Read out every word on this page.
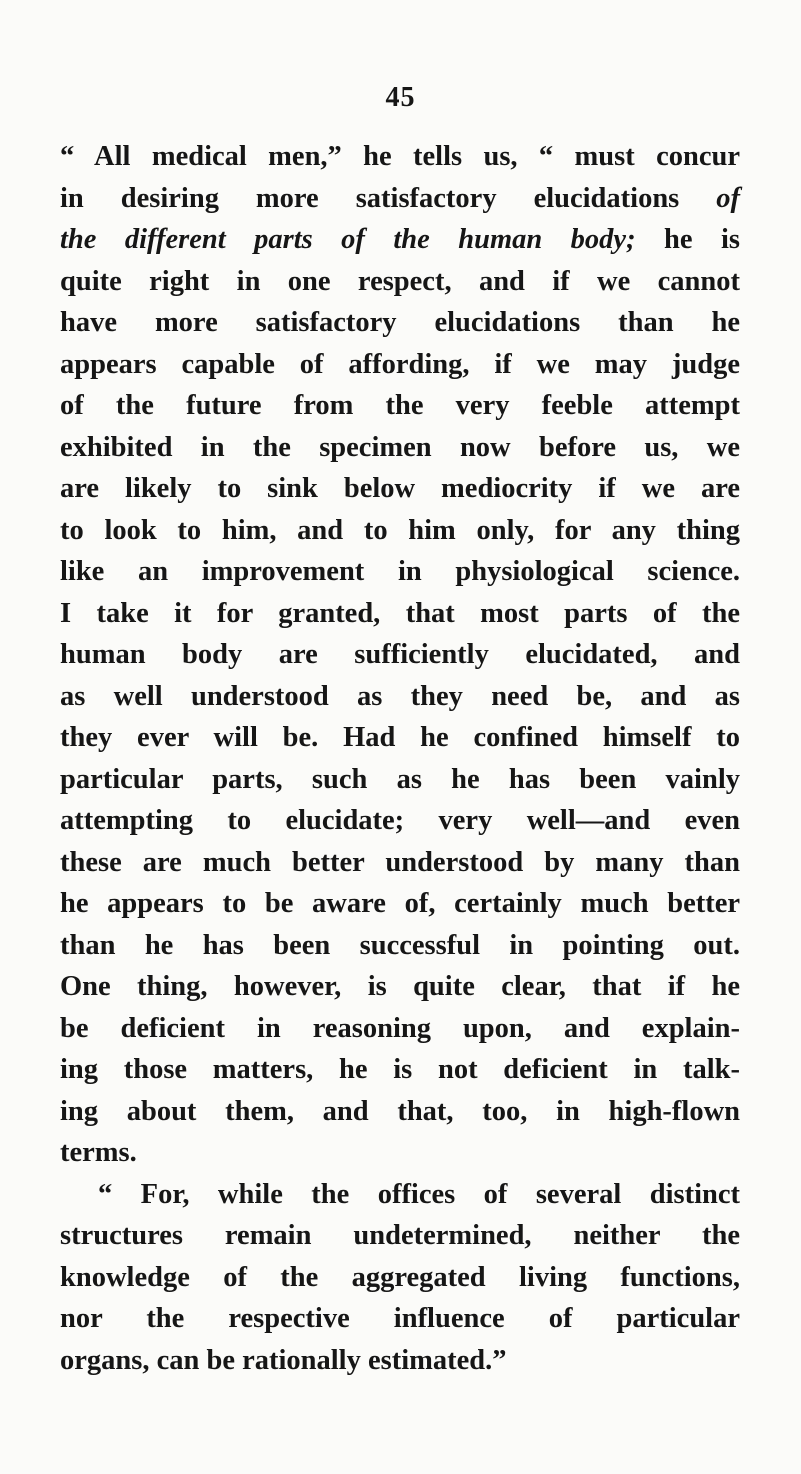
45
“ All medical men,” he tells us, “ must concur
in desiring more satisfactory elucidations of
the different parts of the human body; he is
quite right in one respect, and if we cannot
have more satisfactory elucidations than he
appears capable of affording, if we may judge
of the future from the very feeble attempt
exhibited in the specimen now before us, we
are likely to sink below mediocrity if we are
to look to him, and to him only, for any thing
like an improvement in physiological science.
I take it for granted, that most parts of the
human body are sufficiently elucidated, and
as well understood as they need be, and as
they ever will be. Had he confined himself to
particular parts, such as he has been vainly
attempting to elucidate; very well—and even
these are much better understood by many than
he appears to be aware of, certainly much better
than he has been successful in pointing out.
One thing, however, is quite clear, that if he
be deficient in reasoning upon, and explain-
ing those matters, he is not deficient in talk-
ing about them, and that, too, in high-flown
terms.
“ For, while the offices of several distinct
structures remain undetermined, neither the
knowledge of the aggregated living functions,
nor the respective influence of particular
organs, can be rationally estimated.”
